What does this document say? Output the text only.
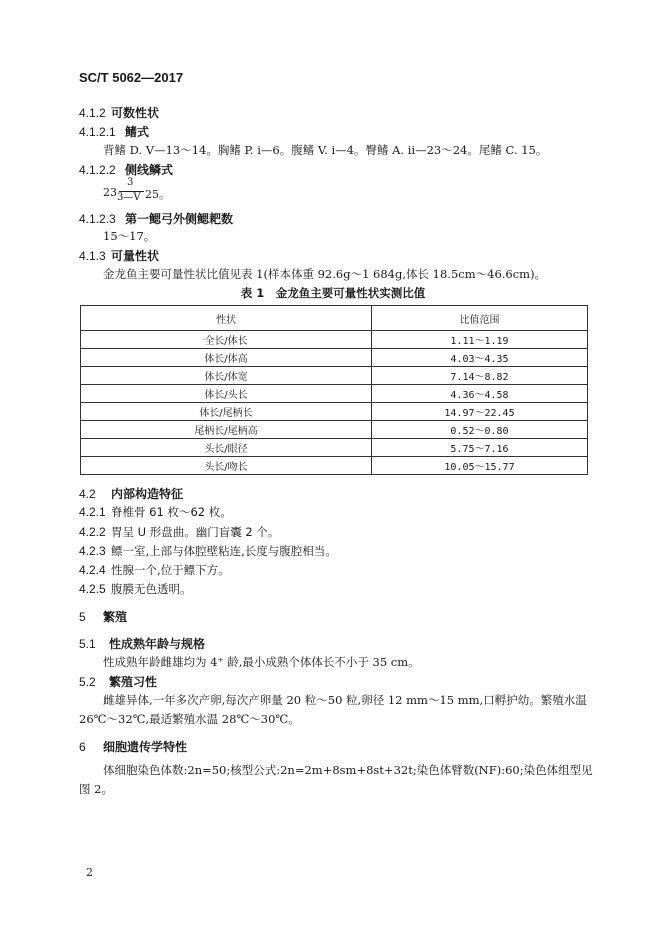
SC/T 5062—2017
4.1.2 可数性状
4.1.2.1 鳍式
背鳍 D. Ⅴ—13～14。胸鳍 P. ⅰ—6。腹鳍 V. ⅰ—4。臀鳍 A. ⅱ—23～24。尾鳍 C. 15。
4.1.2.2 侧线鳞式
23
3
3—V 25。
4.1.2.3 第一鳃弓外侧鳃耙数
15～17。
4.1.3 可量性状
金龙鱼主要可量性状比值见表 1(样本体重 92.6g～1 684g,体长 18.5cm～46.6cm)。
表 1　金龙鱼主要可量性状实测比值
性状	比值范围
全长/体长	1.11～1.19
体长/体高	4.03～4.35
体长/体宽	7.14～8.82
体长/头长	4.36～4.58
体长/尾柄长	14.97～22.45
尾柄长/尾柄高	0.52～0.80
头长/眼径	5.75～7.16
头长/吻长	10.05～15.77
4.2 内部构造特征
4.2.1 脊椎骨 61 枚～62 枚。
4.2.2 胃呈 U 形盘曲。幽门盲囊 2 个。
4.2.3 鳔一室,上部与体腔壁粘连,长度与腹腔相当。
4.2.4 性腺一个,位于鳔下方。
4.2.5 腹膜无色透明。
5 繁殖
5.1 性成熟年龄与规格
性成熟年龄雌雄均为 4⁺ 龄,最小成熟个体体长不小于 35 cm。
5.2 繁殖习性
雌雄异体,一年多次产卵,每次产卵量 20 粒～50 粒,卵径 12 mm～15 mm,口孵护幼。繁殖水温
26℃～32℃,最适繁殖水温 28℃～30℃。
6 细胞遗传学特性
体细胞染色体数:2n=50;核型公式:2n=2m+8sm+8st+32t;染色体臂数(NF):60;染色体组型见
图 2。
2
